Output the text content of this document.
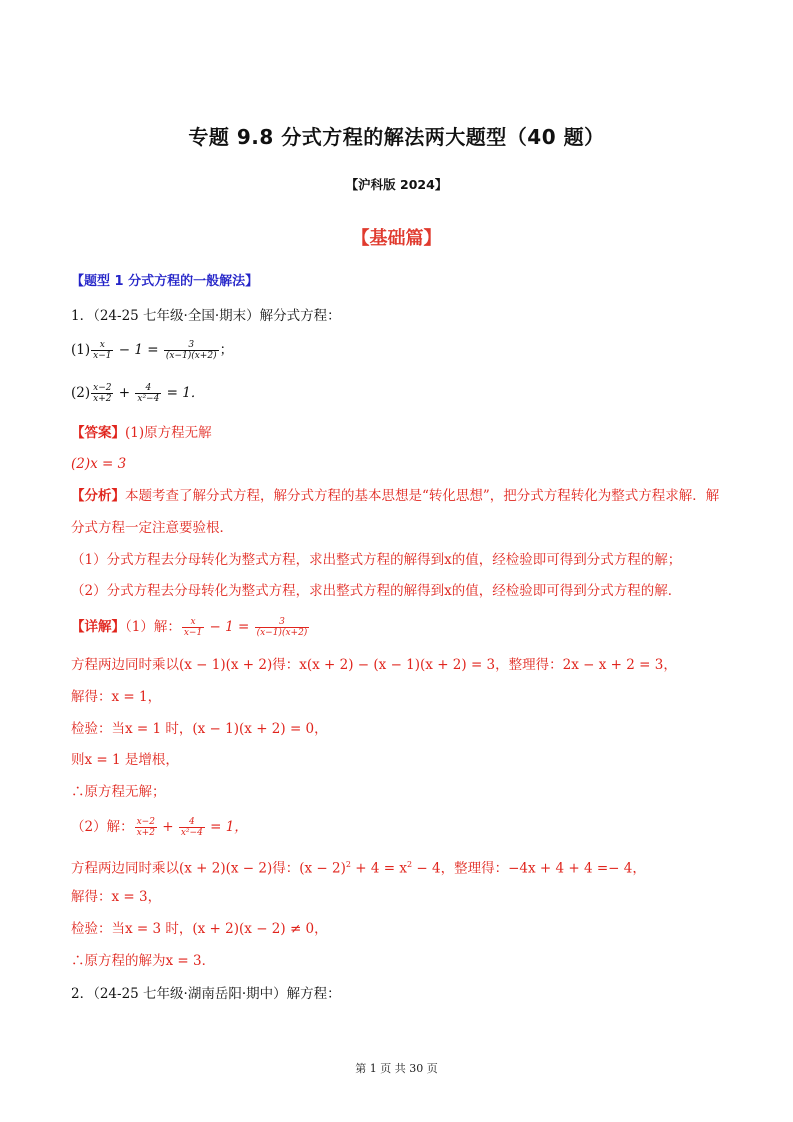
专题 9.8 分式方程的解法两大题型（40 题）
【沪科版 2024】
【基础篇】
【题型 1 分式方程的一般解法】
1．（24-25 七年级·全国·期末）解分式方程：
$(1) \frac{x}{x-1} - 1 = \frac{3}{(x-1)(x+2)}$ ；
$(2) \frac{x-2}{x+2} + \frac{4}{\text{x²−4}} = 1$．
【答案】(1)原方程无解
(2)x = 3
【分析】本题考查了解分式方程，解分式方程的基本思想是“转化思想”，把分式方程转化为整式方程求解．解
分式方程一定注意要验根．
（1）分式方程去分母转化为整式方程，求出整式方程的解得到x的值，经检验即可得到分式方程的解；
（2）分式方程去分母转化为整式方程，求出整式方程的解得到x的值，经检验即可得到分式方程的解．
【详解】（1）解： $\frac{x}{x-1} - 1 = \frac{3}{(x-1)(x+2)}$
方程两边同时乘以(x − 1)(x + 2)得：x(x + 2) − (x − 1)(x + 2) = 3，整理得：2x − x + 2 = 3，
解得：x = 1，
检验：当x = 1 时，(x − 1)(x + 2) = 0，
则x = 1 是增根，
∴原方程无解；
（2）解： $\frac{x-2}{x+2} + \frac{4}{\text{x²−4}} = 1$，
方程两边同时乘以(x + 2)(x − 2)得：$(x - 2)^2 + 4 = x^2 - 4$，整理得：−4x + 4 + 4 =− 4，
解得：x = 3，
检验：当x = 3 时，(x + 2)(x − 2) ≠ 0，
∴原方程的解为x = 3．
2．（24-25 七年级·湖南岳阳·期中）解方程：
第 1 页 共 30 页
